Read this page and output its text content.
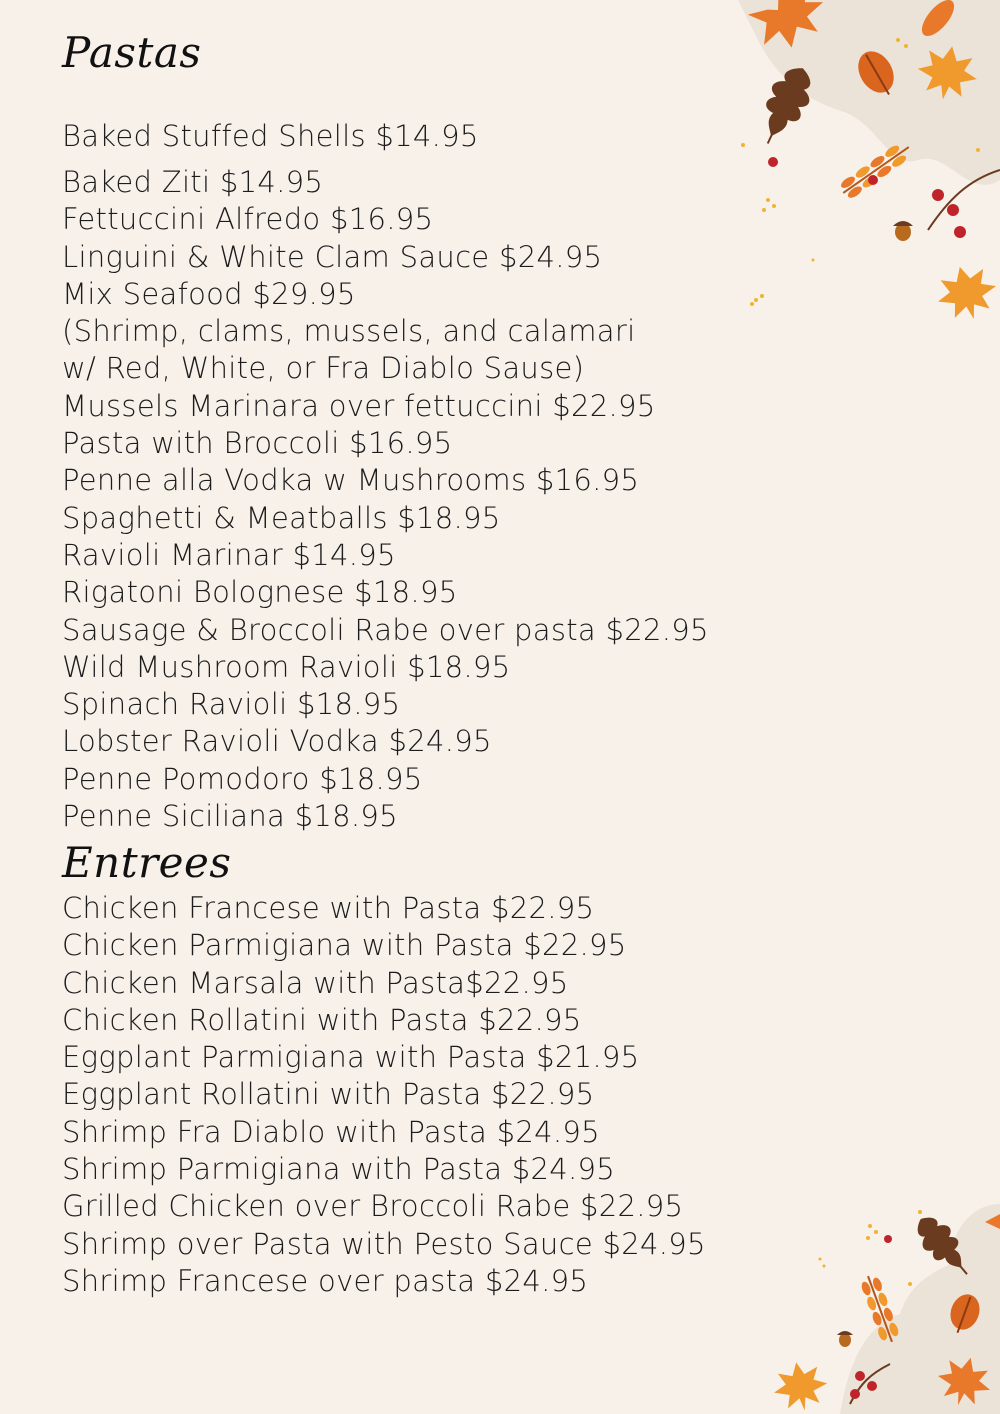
Pastas
Baked Stuffed Shells $14.95
Baked Ziti $14.95
Fettuccini Alfredo $16.95
Linguini & White Clam Sauce $24.95
Mix Seafood $29.95
(Shrimp, clams, mussels, and calamari
w/ Red, White, or Fra Diablo Sause)
Mussels Marinara over fettuccini $22.95
Pasta with Broccoli $16.95
Penne alla Vodka w Mushrooms $16.95
Spaghetti & Meatballs $18.95
Ravioli Marinar $14.95
Rigatoni Bolognese $18.95
Sausage & Broccoli Rabe over pasta $22.95
Wild Mushroom Ravioli $18.95
Spinach Ravioli $18.95
Lobster Ravioli Vodka $24.95
Penne Pomodoro $18.95
Penne Siciliana $18.95
Entrees
Chicken Francese with Pasta $22.95
Chicken Parmigiana with Pasta $22.95
Chicken Marsala with Pasta$22.95
Chicken Rollatini with Pasta $22.95
Eggplant Parmigiana with Pasta $21.95
Eggplant Rollatini with Pasta $22.95
Shrimp Fra Diablo with Pasta $24.95
Shrimp Parmigiana with Pasta $24.95
Grilled Chicken over Broccoli Rabe $22.95
Shrimp over Pasta with Pesto Sauce $24.95
Shrimp Francese over pasta $24.95
